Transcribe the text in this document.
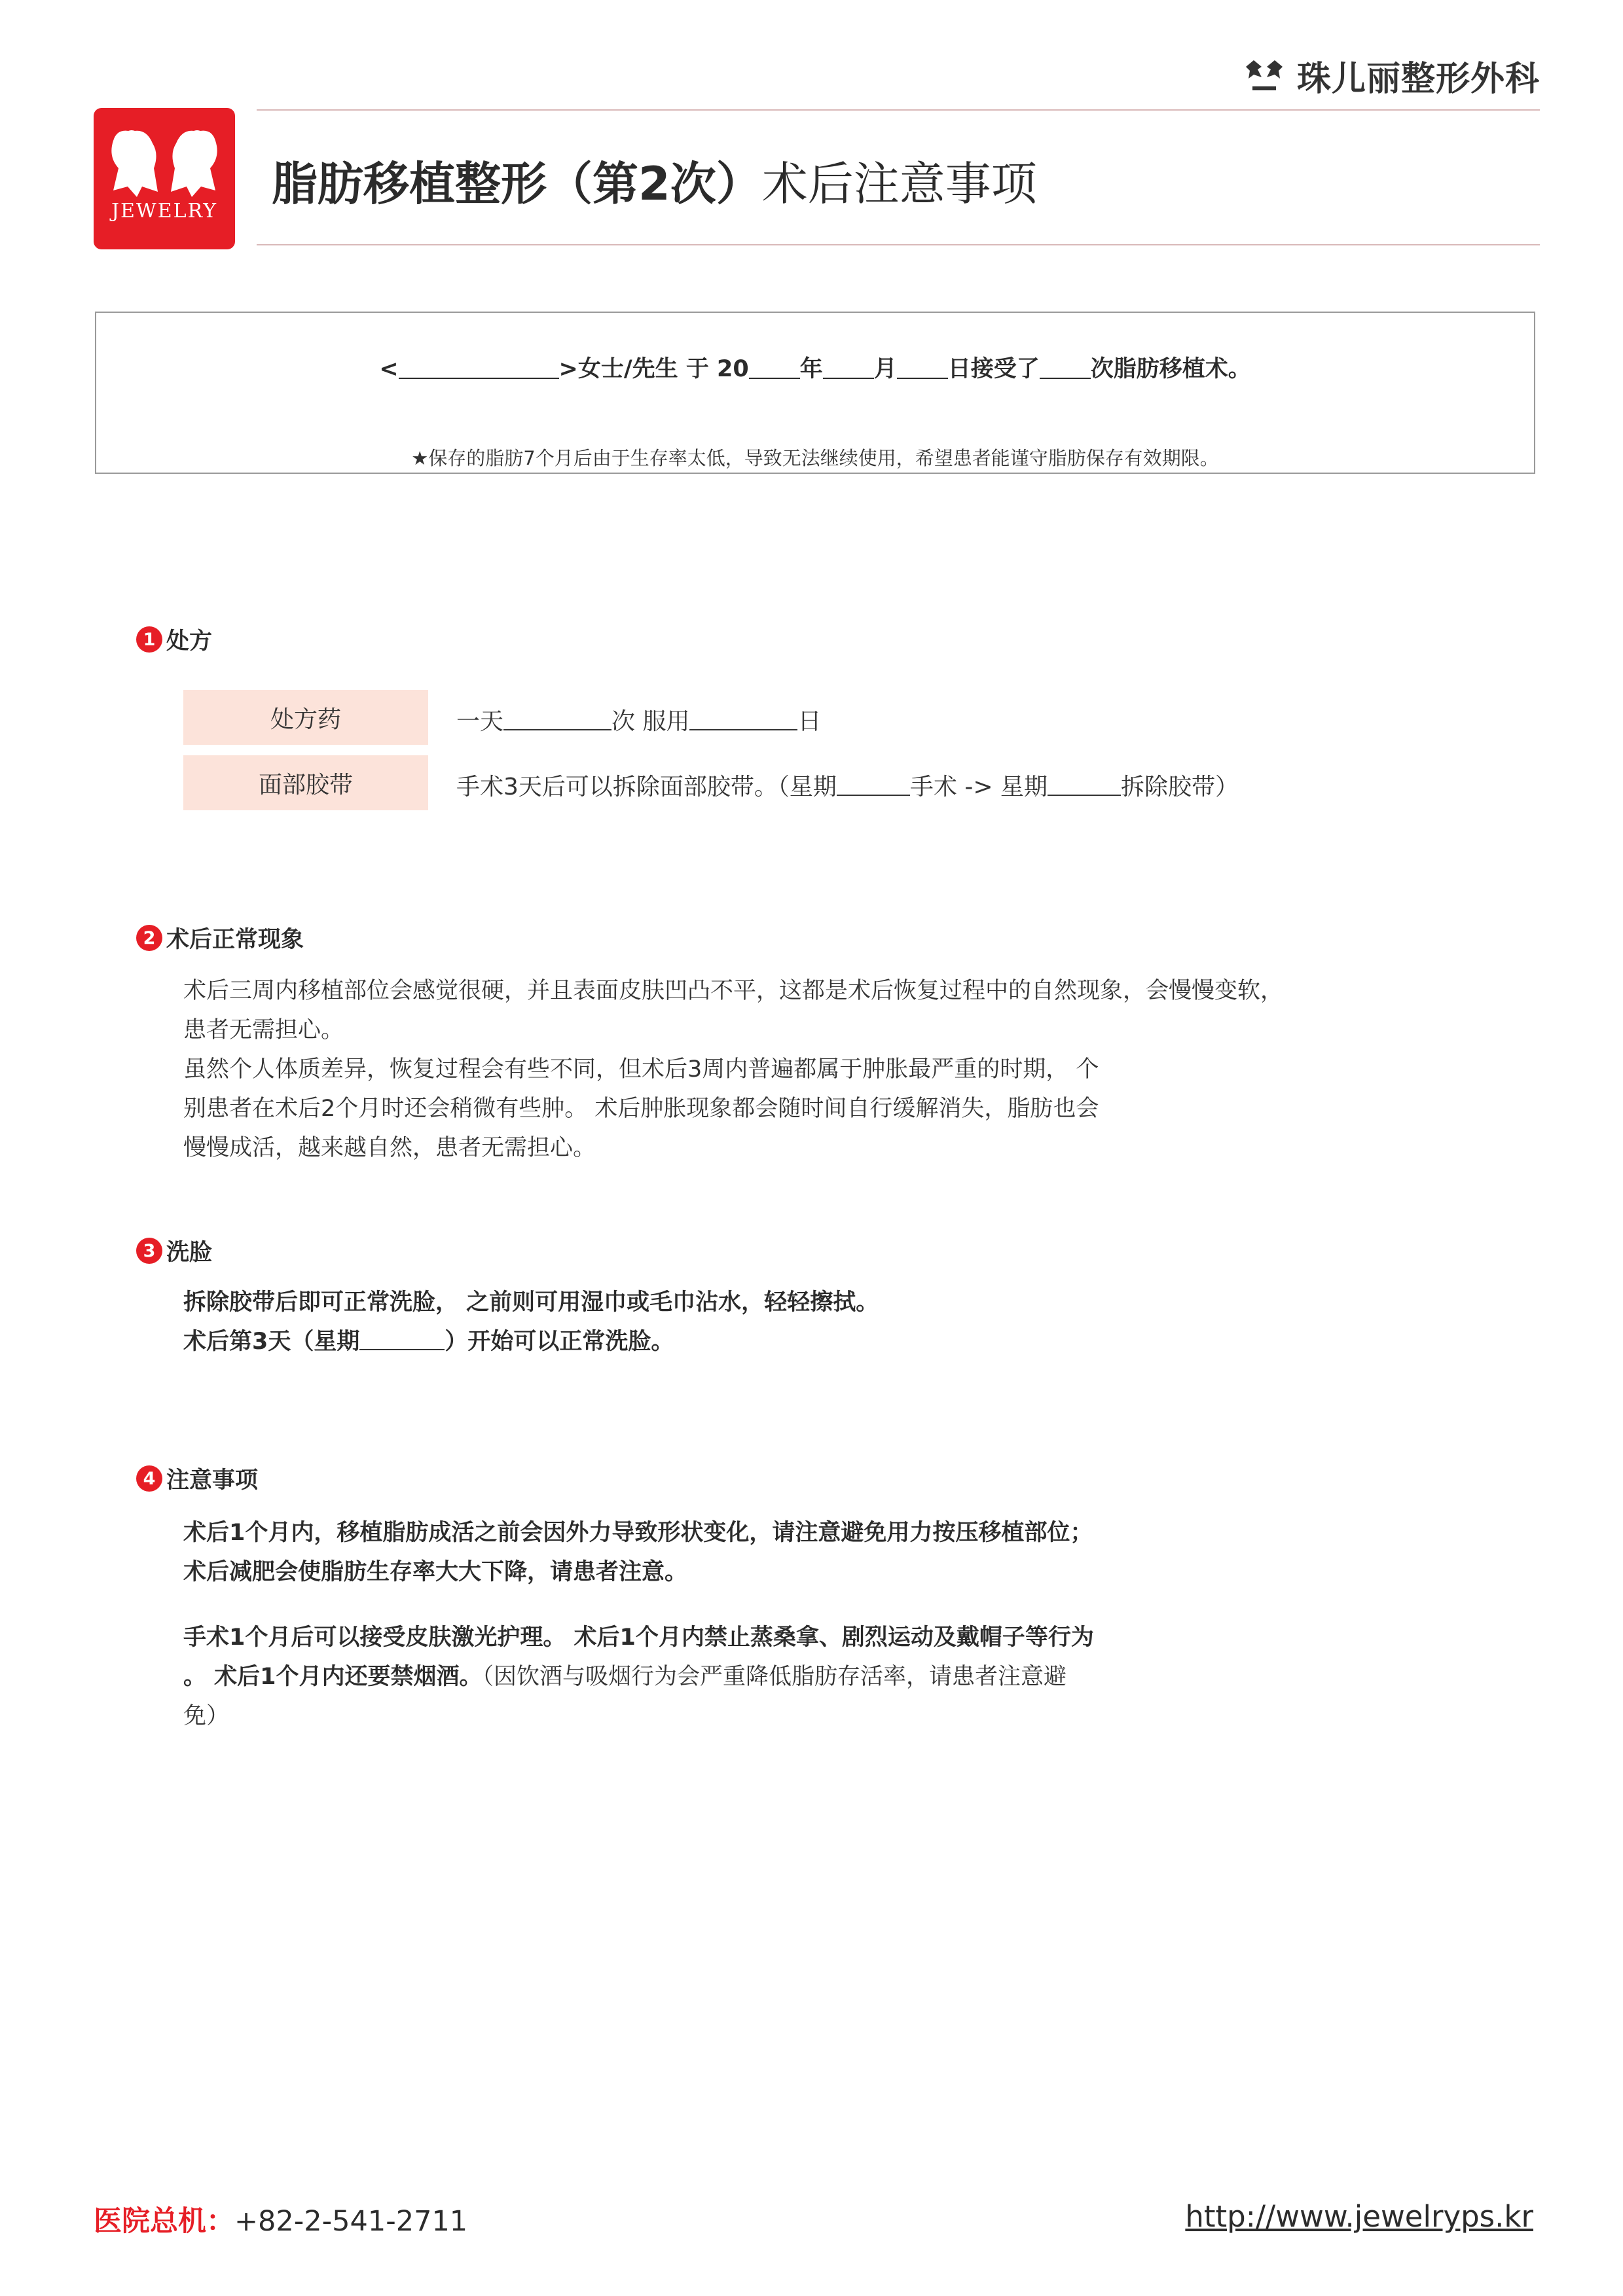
珠儿丽整形外科
JEWELRY
脂肪移植整形（第2次）术后注意事项
<	>女士/先生 于 20 年 月 日接受了 次脂肪移植术。
★保存的脂肪7个月后由于生存率太低，导致无法继续使用，希望患者能谨守脂肪保存有效期限。
1 处方
处方药	一天	次 服用	日
面部胶带	手术3天后可以拆除面部胶带。（星期	手术 -> 星期	拆除胶带）
2 术后正常现象
术后三周内移植部位会感觉很硬，并且表面皮肤凹凸不平，这都是术后恢复过程中的自然现象，会慢慢变软，
患者无需担心。
虽然个人体质差异，恢复过程会有些不同，但术后3周内普遍都属于肿胀最严重的时期， 个
别患者在术后2个月时还会稍微有些肿。 术后肿胀现象都会随时间自行缓解消失，脂肪也会
慢慢成活，越来越自然，患者无需担心。
3 洗脸
拆除胶带后即可正常洗脸， 之前则可用湿巾或毛巾沾水，轻轻擦拭。
术后第3天（星期	）开始可以正常洗脸。
4 注意事项
术后1个月内，移植脂肪成活之前会因外力导致形状变化，请注意避免用力按压移植部位；
术后减肥会使脂肪生存率大大下降，请患者注意。
手术1个月后可以接受皮肤激光护理。 术后1个月内禁止蒸桑拿、剧烈运动及戴帽子等行为
。 术后1个月内还要禁烟酒。（因饮酒与吸烟行为会严重降低脂肪存活率，请患者注意避
免）
医院总机：+82-2-541-2711	http://www.jewelryps.kr
